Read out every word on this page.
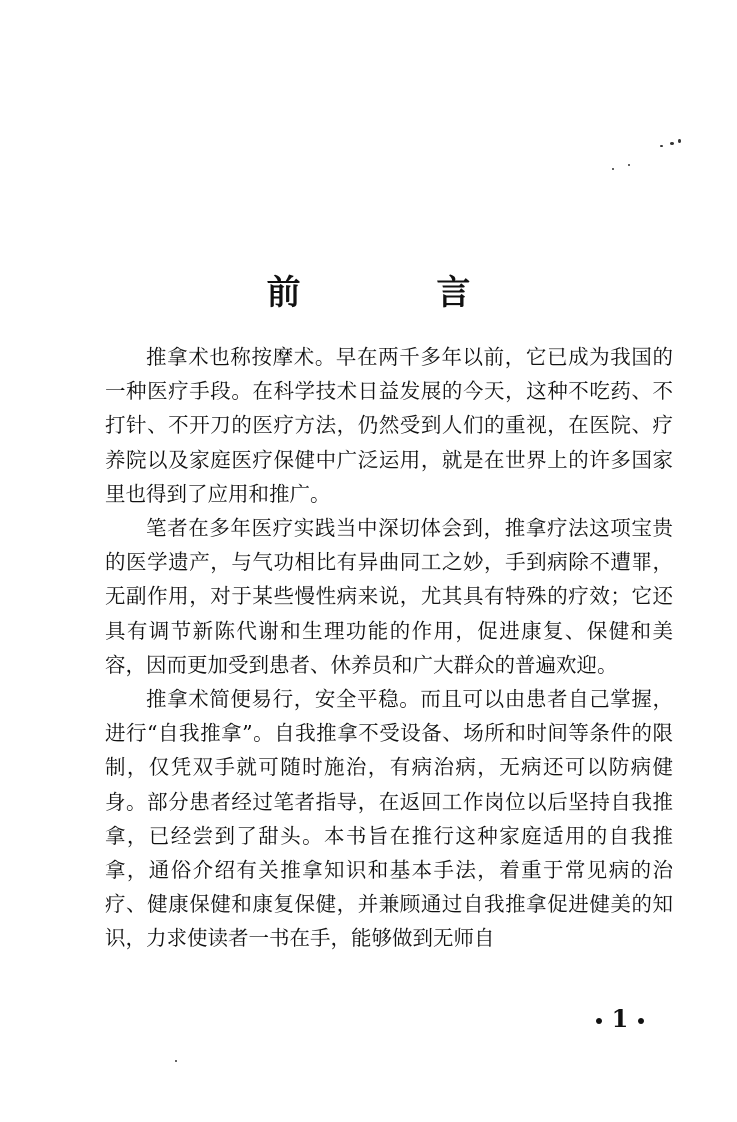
前 言

推拿术也称按摩术。早在两千多年以前，它已成为我国的一种医疗手段。在科学技术日益发展的今天，这种不吃药、不打针、不开刀的医疗方法，仍然受到人们的重视，在医院、疗养院以及家庭医疗保健中广泛运用，就是在世界上的许多国家里也得到了应用和推广。

笔者在多年医疗实践当中深切体会到，推拿疗法这项宝贵的医学遗产，与气功相比有异曲同工之妙，手到病除不遭罪，无副作用，对于某些慢性病来说，尤其具有特殊的疗效；它还具有调节新陈代谢和生理功能的作用，促进康复、保健和美容，因而更加受到患者、休养员和广大群众的普遍欢迎。

推拿术简便易行，安全平稳。而且可以由患者自己掌握，进行“自我推拿”。自我推拿不受设备、场所和时间等条件的限制，仅凭双手就可随时施治，有病治病，无病还可以防病健身。部分患者经过笔者指导，在返回工作岗位以后坚持自我推拿，已经尝到了甜头。本书旨在推行这种家庭适用的自我推拿，通俗介绍有关推拿知识和基本手法，着重于常见病的治疗、健康保健和康复保健，并兼顾通过自我推拿促进健美的知识，力求使读者一书在手，能够做到无师自

1
